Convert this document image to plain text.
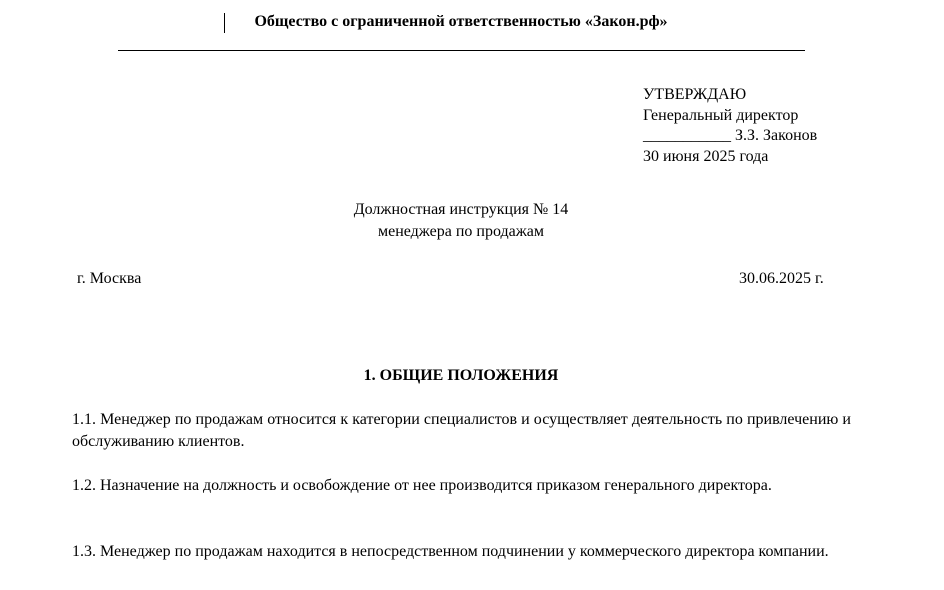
Общество с ограниченной ответственностью «Закон.рф»
УТВЕРЖДАЮ
Генеральный директор
___________ З.З. Законов
30 июня 2025 года
Должностная инструкция № 14
менеджера по продажам
г. Москва	30.06.2025 г.
1. ОБЩИЕ ПОЛОЖЕНИЯ
1.1. Менеджер по продажам относится к категории специалистов и осуществляет деятельность по привлечению и обслуживанию клиентов.
1.2. Назначение на должность и освобождение от нее производится приказом генерального директора.
1.3. Менеджер по продажам находится в непосредственном подчинении у коммерческого директора компании.
